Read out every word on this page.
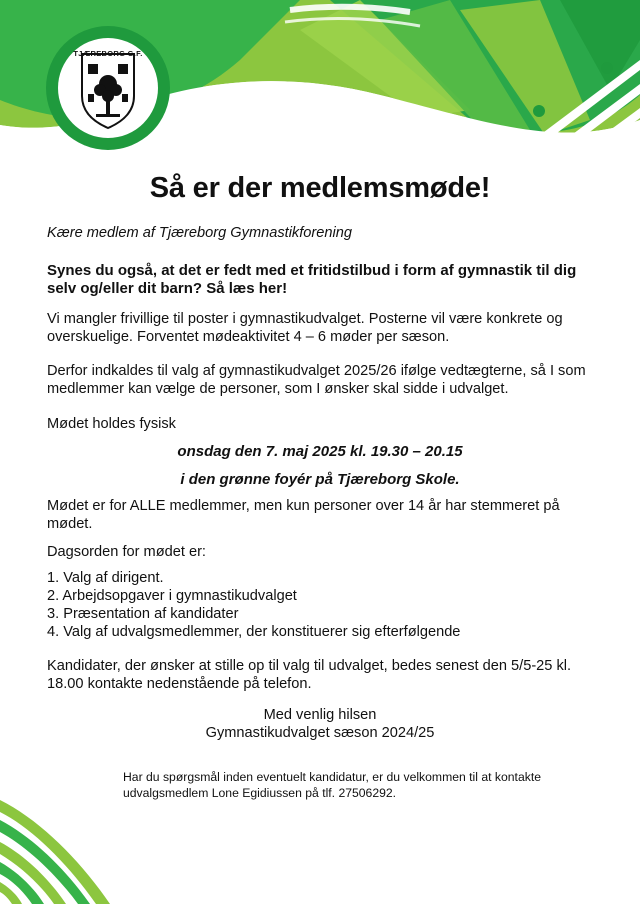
TJÆREBORG G.F.
Så er der medlemsmøde!

Kære medlem af Tjæreborg Gymnastikforening

Synes du også, at det er fedt med et fritidstilbud i form af gymnastik til dig selv og/eller dit barn? Så læs her!

Vi mangler frivillige til poster i gymnastikudvalget. Posterne vil være konkrete og overskuelige. Forventet mødeaktivitet 4 – 6 møder per sæson.

Derfor indkaldes til valg af gymnastikudvalget 2025/26 ifølge vedtægterne, så I som medlemmer kan vælge de personer, som I ønsker skal sidde i udvalget.

Mødet holdes fysisk

onsdag den 7. maj 2025 kl. 19.30 – 20.15

i den grønne foyér på Tjæreborg Skole.

Mødet er for ALLE medlemmer, men kun personer over 14 år har stemmeret på mødet.

Dagsorden for mødet er:

1. Valg af dirigent.
2. Arbejdsopgaver i gymnastikudvalget
3. Præsentation af kandidater
4. Valg af udvalgsmedlemmer, der konstituerer sig efterfølgende

Kandidater, der ønsker at stille op til valg til udvalget, bedes senest den 5/5-25 kl. 18.00 kontakte nedenstående på telefon.

Med venlig hilsen

Gymnastikudvalget sæson 2024/25

Har du spørgsmål inden eventuelt kandidatur, er du velkommen til at kontakte udvalgsmedlem Lone Egidiussen på tlf. 27506292.
